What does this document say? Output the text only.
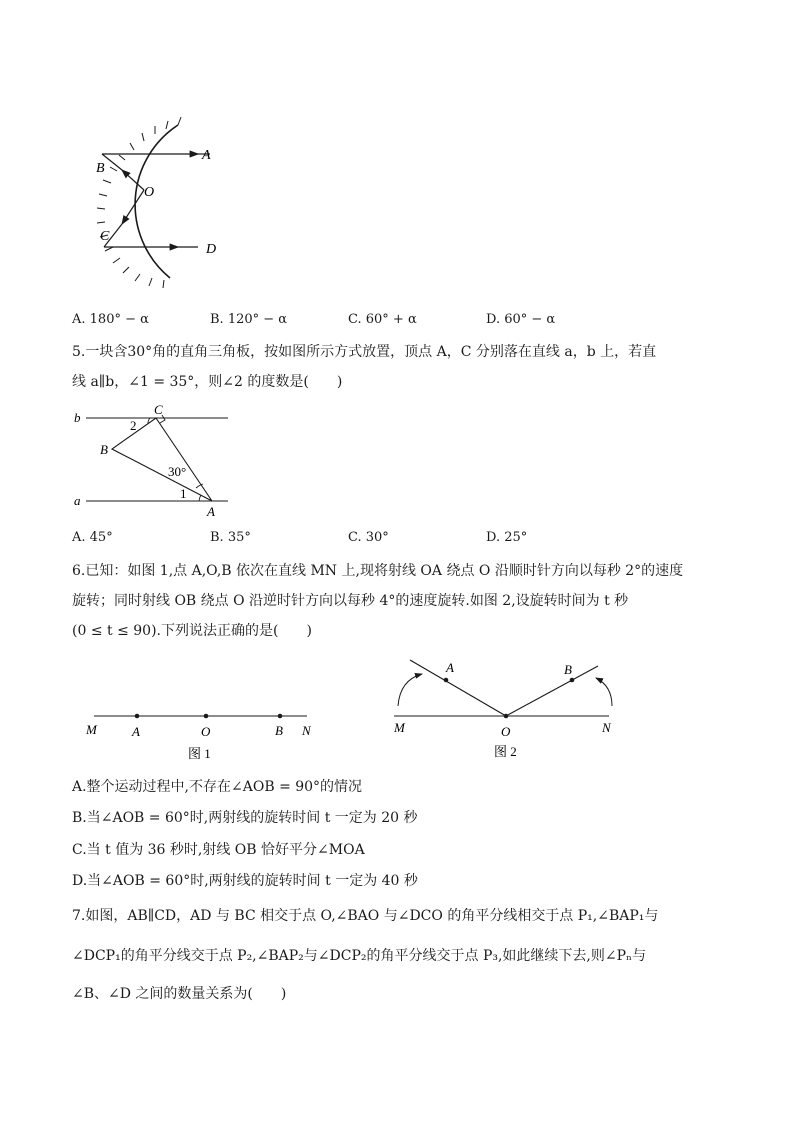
A
B
O
C
D
A. 180° − α	B. 120° − α	C. 60° + α	D. 60° − α
5.一块含30°角的直角三角板，按如图所示方式放置，顶点 A，C 分别落在直线 a，b 上，若直
线 a∥b，∠1 = 35°，则∠2 的度数是(　　)
b
a
C
B
A
2
30°
1
A. 45°	B. 35°	C. 30°	D. 25°
6.已知：如图 1,点 A,O,B 依次在直线 MN 上,现将射线 OA 绕点 O 沿顺时针方向以每秒 2°的速度
旋转；同时射线 OB 绕点 O 沿逆时针方向以每秒 4°的速度旋转.如图 2,设旋转时间为 t 秒
(0 ≤ t ≤ 90).下列说法正确的是(　　)
M	A	O	B N
图 1
A	B
M	O	N
图 2
A.整个运动过程中,不存在∠AOB = 90°的情况
B.当∠AOB = 60°时,两射线的旋转时间 t 一定为 20 秒
C.当 t 值为 36 秒时,射线 OB 恰好平分∠MOA
D.当∠AOB = 60°时,两射线的旋转时间 t 一定为 40 秒
7.如图，AB∥CD，AD 与 BC 相交于点 O,∠BAO 与∠DCO 的角平分线相交于点 P₁,∠BAP₁与
∠DCP₁的角平分线交于点 P₂,∠BAP₂与∠DCP₂的角平分线交于点 P₃,如此继续下去,则∠Pₙ与
∠B、∠D 之间的数量关系为(　　)
